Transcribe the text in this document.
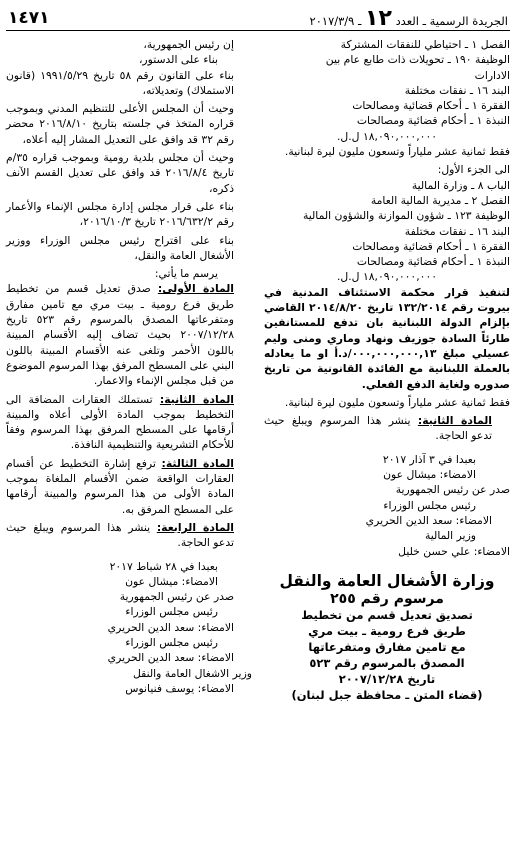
الجريدة الرسمية ـ العدد ١٢ ـ ٢٠١٧/٣/٩
١٤٧١

الفصل ١ ـ احتياطي للنفقات المشتركة

الوظيفة ١٩٠ ـ تحويلات ذات طابع عام بين

الادارات

البند ١٦ ـ نفقات مختلفة

الفقرة ١ ـ أحكام قضائية ومصالحات

النبذة ١ ـ أحكام قضائية ومصالحات

١٨,٠٩٠,٠٠٠,٠٠٠ ل.ل.

فقط ثمانية عشر ملياراً وتسعون مليون ليرة لبنانية.

الى الجزء الأول:

الباب ٨ ـ وزارة المالية

الفصل ٢ ـ مديرية المالية العامة

الوظيفة ١٢٣ ـ شؤون الموازنة والشؤون المالية

البند ١٦ ـ نفقات مختلفة

الفقرة ١ ـ أحكام قضائية ومصالحات

النبذة ١ ـ أحكام قضائية ومصالحات

١٨,٠٩٠,٠٠٠,٠٠٠ ل.ل.

لتنفيذ قرار محكمة الاستئناف المدنية في بيروت رقم ١٣٢/٢٠١٤ تاريخ ٢٠١٤/٨/٢٠ القاضي بإلزام الدولة اللبنانية بان تدفع للمستانفين طارئاً السادة جوزيف ونهاد وماري ومنى وليم عسيلي مبلغ ٠٠٠,٠٠٠,٠٠٠,١٣/د.أ او ما يعادله بالعملة اللبنانية مع الفائدة القانونية من تاريخ صدوره ولغاية الدفع الفعلي.

فقط ثمانية عشر ملياراً وتسعون مليون ليرة لبنانية.

المادة الثانية: ينشر هذا المرسوم ويبلغ حيث تدعو الحاجة.

بعبدا في ٣ آذار ٢٠١٧

الامضاء: ميشال عون

صدر عن رئيس الجمهورية

رئيس مجلس الوزراء

الامضاء: سعد الدين الحريري

وزير المالية

الامضاء: علي حسن خليل

وزارة الأشغال العامة والنقل
مرسوم رقم ٢٥٥
تصديق تعديل قسم من تخطيط
طريق فرع رومية ـ بيت مري
مع تامين مفارق ومتفرعاتها
المصدق بالمرسوم رقم ٥٢٣
تاريخ ٢٠٠٧/١٢/٢٨
(قضاء المتن ـ محافظة جبل لبنان)

إن رئيس الجمهورية،

بناء على الدستور،

بناء على القانون رقم ٥٨ تاريخ ١٩٩١/٥/٢٩ (قانون الاستملاك) وتعديلاته،

وحيث أن المجلس الأعلى للتنظيم المدني وبموجب قراره المتخذ في جلسته بتاريخ ٢٠١٦/٨/١٠ محضر رقم ٣٢ قد وافق على التعديل المشار إليه أعلاه،

وحيث أن مجلس بلدية رومية وبموجب قراره ٣٥/م تاريخ ٢٠١٦/٨/٤ قد وافق على تعديل القسم الآنف ذكره،

بناء على قرار مجلس إدارة مجلس الإنماء والأعمار رقم ٢٠١٦/٦٣٢/٢ تاريخ ٢٠١٦/١٠/٣،

بناء على اقتراح رئيس مجلس الوزراء ووزير الأشغال العامة والنقل،

يرسم ما يأتي:

المادة الأولى: صدق تعديل قسم من تخطيط طريق فرع رومية ـ بيت مري مع تامين مفارق ومتفرعاتها المصدق بالمرسوم رقم ٥٢٣ تاريخ ٢٠٠٧/١٢/٢٨ بحيث تضاف إليه الأقسام المبينة باللون الأحمر وتلغى عنه الأقسام المبينة باللون البني على المسطح المرفق بهذا المرسوم الموضوع من قبل مجلس الإنماء والاعمار.

المادة الثانية: تستملك العقارات المضافة الى التخطيط بموجب المادة الأولى أعلاه والمبينة أرقامها على المسطح المرفق بهذا المرسوم وفقاً للأحكام التشريعية والتنظيمية النافذة.

المادة الثالثة: ترفع إشارة التخطيط عن أقسام العقارات الواقعة ضمن الأقسام الملغاة بموجب المادة الأولى من هذا المرسوم والمبينة أرقامها على المسطح المرفق به.

المادة الرابعة: ينشر هذا المرسوم ويبلغ حيث تدعو الحاجة.

بعبدا في ٢٨ شباط ٢٠١٧

الامضاء: ميشال عون

صدر عن رئيس الجمهورية

رئيس مجلس الوزراء

الامضاء: سعد الدين الحريري

رئيس مجلس الوزراء

الامضاء: سعد الدين الحريري

وزير الاشغال العامة والنقل

الامضاء: يوسف فنيانوس
